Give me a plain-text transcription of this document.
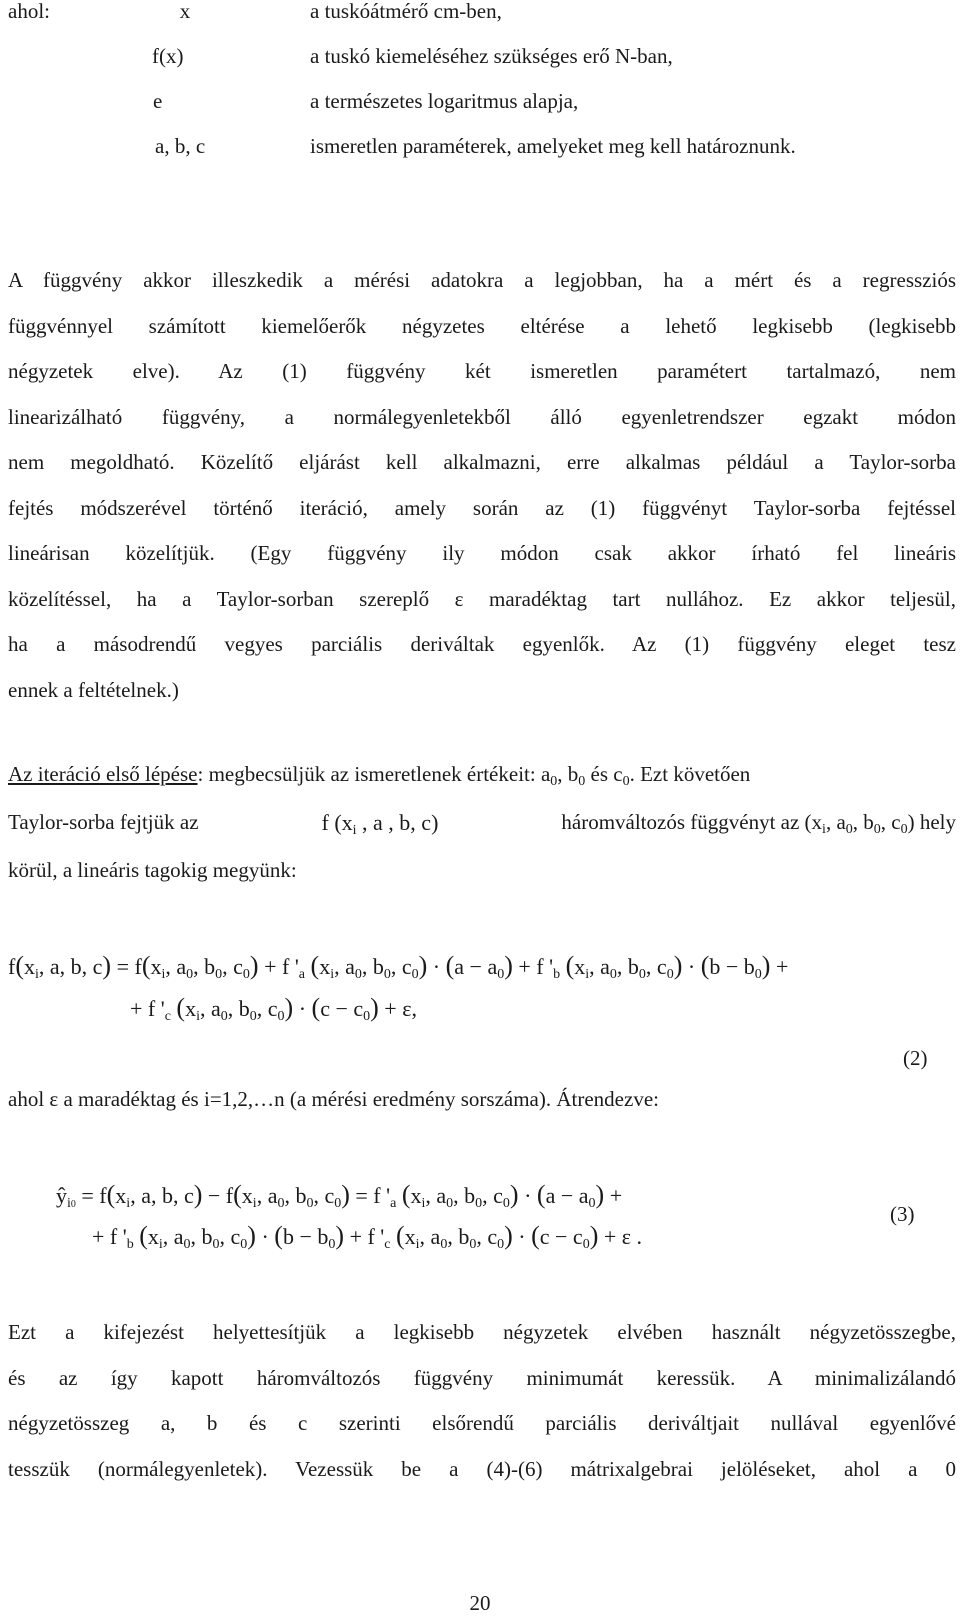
ahol:	x	a tuskóátmérő cm-ben,
f(x)	a tuskó kiemeléséhez szükséges erő N-ban,
e	a természetes logaritmus alapja,
a, b, c	ismeretlen paraméterek, amelyeket meg kell határoznunk.
A függvény akkor illeszkedik a mérési adatokra a legjobban, ha a mért és a regressziós
függvénnyel számított kiemelőerők négyzetes eltérése a lehető legkisebb (legkisebb
négyzetek elve). Az (1) függvény két ismeretlen paramétert tartalmazó, nem
linearizálható függvény, a normálegyenletekből álló egyenletrendszer egzakt módon
nem megoldható. Közelítő eljárást kell alkalmazni, erre alkalmas például a Taylor-sorba
fejtés módszerével történő iteráció, amely során az (1) függvényt Taylor-sorba fejtéssel
lineárisan közelítjük. (Egy függvény ily módon csak akkor írható fel lineáris
közelítéssel, ha a Taylor-sorban szereplő ε maradéktag tart nullához. Ez akkor teljesül,
ha a másodrendű vegyes parciális deriváltak egyenlők. Az (1) függvény eleget tesz
ennek a feltételnek.)
Az iteráció első lépése: megbecsüljük az ismeretlenek értékeit: $a_0$, $b_0$ és $c_0$. Ezt követően
Taylor-sorba fejtjük az	f ($x_i$ , a , b, c)	háromváltozós függvényt az ($x_i$, $a_0$, $b_0$, $c_0$) hely
körül, a lineáris tagokig megyünk:
$f(x_i$, a, b, $c) = f(x_i$, $a_0$, $b_0$, $c_0) + f$ '$_a$ ($x_i$, $a_0$, $b_0$, $c_0) \cdot (a - a_0) + f$ '$_b$ ($x_i$, $a_0$, $b_0$, $c_0) \cdot (b - b_0)$ +
+ f '$_c$ ($x_i$, $a_0$, $b_0$, $c_0) \cdot (c - c_0) + \varepsilon$,
(2)
ahol ε a maradéktag és i=1,2,…n (a mérési eredmény sorszáma). Átrendezve:
$ŷ_{i0} = f(x_i$, a, b, $c) - f(x_i$, $a_0$, $b_0$, $c_0) = f$ '$_a$ ($x_i$, $a_0$, $b_0$, $c_0) \cdot (a - a_0)$ +
+ f '$_b$ ($x_i$, $a_0$, $b_0$, $c_0) \cdot (b - b_0) + f$ '$_c$ ($x_i$, $a_0$, $b_0$, $c_0) \cdot (c - c_0) + \varepsilon$ .
(3)
Ezt a kifejezést helyettesítjük a legkisebb négyzetek elvében használt négyzetösszegbe,
és az így kapott háromváltozós függvény minimumát keressük. A minimalizálandó
négyzetösszeg a, b és c szerinti elsőrendű parciális deriváltjait nullával egyenlővé
tesszük (normálegyenletek). Vezessük be a (4)-(6) mátrixalgebrai jelöléseket, ahol a 0
20
